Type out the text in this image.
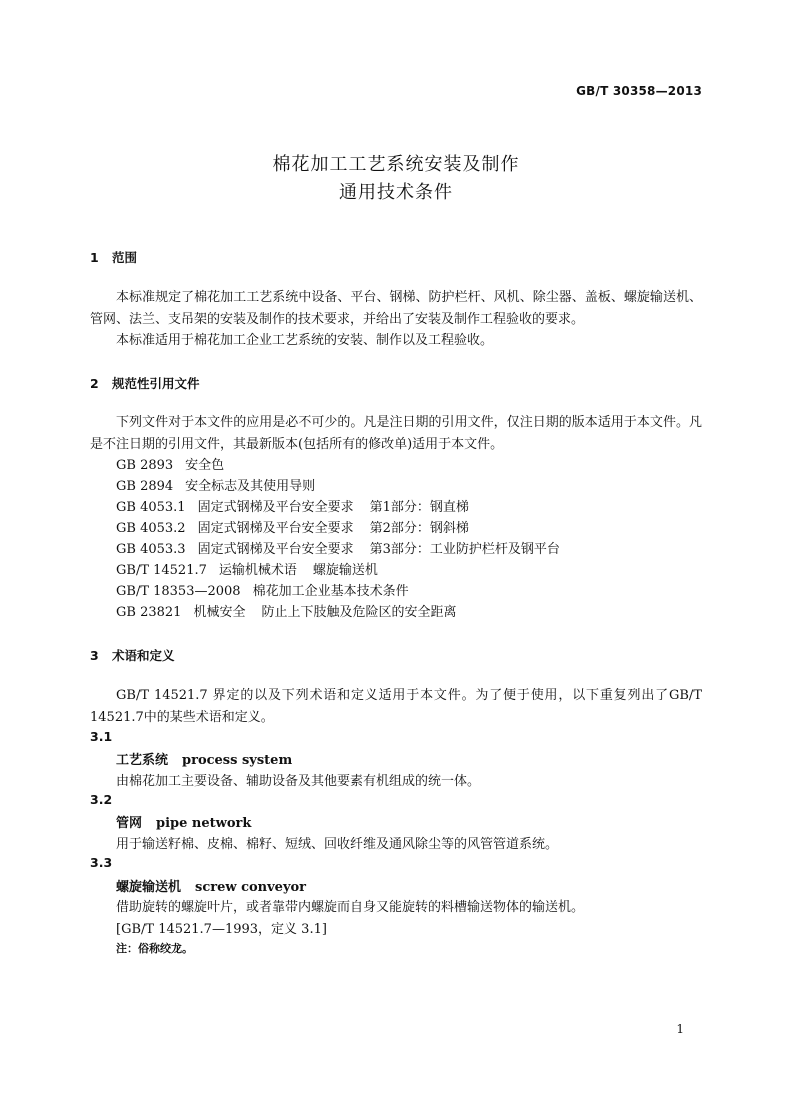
GB/T 30358—2013
棉花加工工艺系统安装及制作
通用技术条件
1 范围
本标准规定了棉花加工工艺系统中设备、平台、钢梯、防护栏杆、风机、除尘器、盖板、螺旋输送机、管网、法兰、支吊架的安装及制作的技术要求，并给出了安装及制作工程验收的要求。
本标准适用于棉花加工企业工艺系统的安装、制作以及工程验收。
2 规范性引用文件
下列文件对于本文件的应用是必不可少的。凡是注日期的引用文件，仅注日期的版本适用于本文件。凡是不注日期的引用文件，其最新版本(包括所有的修改单)适用于本文件。
GB 2893 安全色
GB 2894 安全标志及其使用导则
GB 4053.1 固定式钢梯及平台安全要求 第1部分：钢直梯
GB 4053.2 固定式钢梯及平台安全要求 第2部分：钢斜梯
GB 4053.3 固定式钢梯及平台安全要求 第3部分：工业防护栏杆及钢平台
GB/T 14521.7 运输机械术语 螺旋输送机
GB/T 18353—2008 棉花加工企业基本技术条件
GB 23821 机械安全 防止上下肢触及危险区的安全距离
3 术语和定义
GB/T 14521.7 界定的以及下列术语和定义适用于本文件。为了便于使用，以下重复列出了GB/T 14521.7中的某些术语和定义。
3.1
工艺系统 process system
由棉花加工主要设备、辅助设备及其他要素有机组成的统一体。
3.2
管网 pipe network
用于输送籽棉、皮棉、棉籽、短绒、回收纤维及通风除尘等的风管管道系统。
3.3
螺旋输送机 screw conveyor
借助旋转的螺旋叶片，或者靠带内螺旋而自身又能旋转的料槽输送物体的输送机。
[GB/T 14521.7—1993，定义 3.1]
注：俗称绞龙。
1
